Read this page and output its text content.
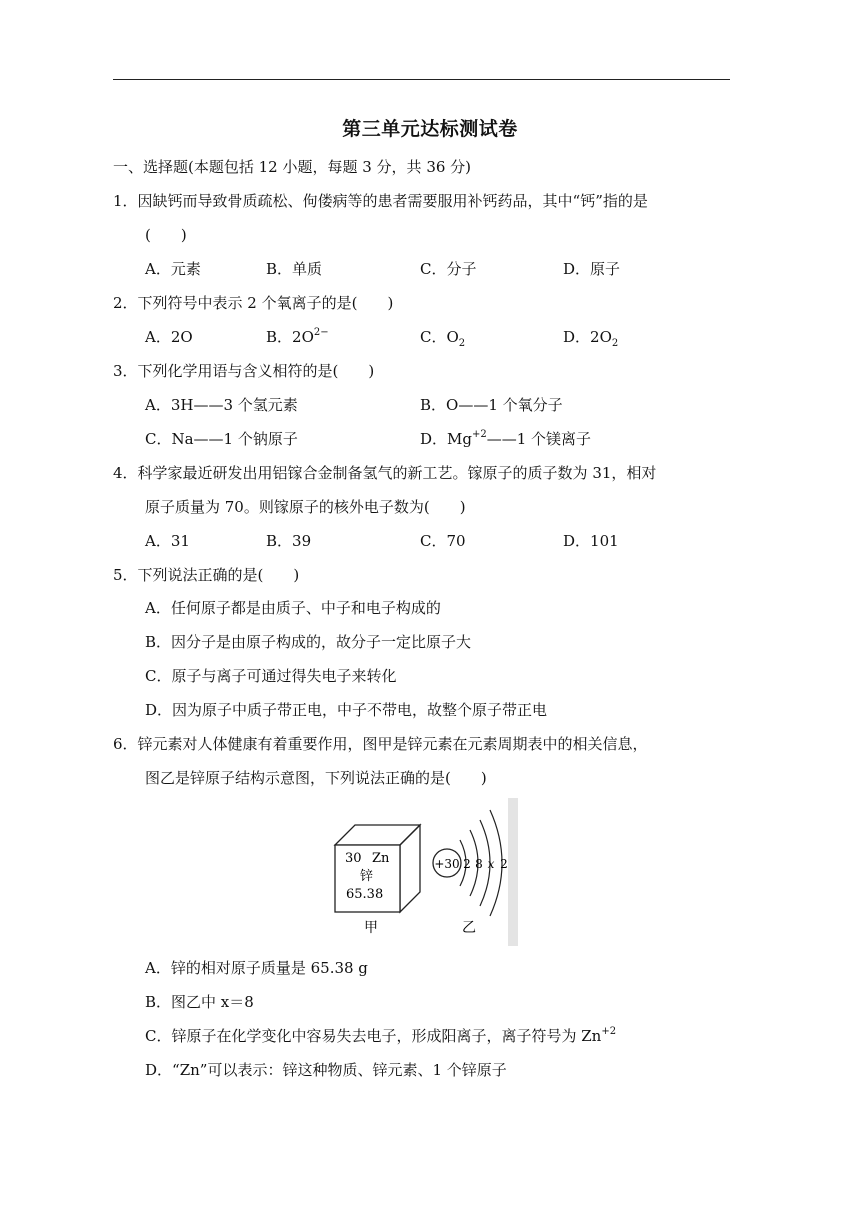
第三单元达标测试卷
一、选择题(本题包括 12 小题，每题 3 分，共 36 分)
1．因缺钙而导致骨质疏松、佝偻病等的患者需要服用补钙药品，其中“钙”指的是
(　　)
A．元素	B．单质	C．分子	D．原子
2．下列符号中表示 2 个氧离子的是(　　)
A．2O	B．$2O^{2-}$	C．$O_2$	D．$2O_2$
3．下列化学用语与含义相符的是(　　)
A．3H——3 个氢元素	B．O——1 个氧分子
C．Na——1 个钠原子	D．$Mg^{+2}——1$ 个镁离子
4．科学家最近研发出用铝镓合金制备氢气的新工艺。镓原子的质子数为 31，相对
原子质量为 70。则镓原子的核外电子数为(　　)
A．31	B．39	C．70	D．101
5．下列说法正确的是(　　)
A．任何原子都是由质子、中子和电子构成的
B．因分子是由原子构成的，故分子一定比原子大
C．原子与离子可通过得失电子来转化
D．因为原子中质子带正电，中子不带电，故整个原子带正电
6．锌元素对人体健康有着重要作用，图甲是锌元素在元素周期表中的相关信息，
图乙是锌原子结构示意图，下列说法正确的是(　　)
30 Zn
锌
65.38
甲
+30 2 8 x 2
乙
A．锌的相对原子质量是 65.38 g
B．图乙中 x＝8
C．锌原子在化学变化中容易失去电子，形成阳离子，离子符号为 $Zn^{+2}$
D．“Zn”可以表示：锌这种物质、锌元素、1 个锌原子
